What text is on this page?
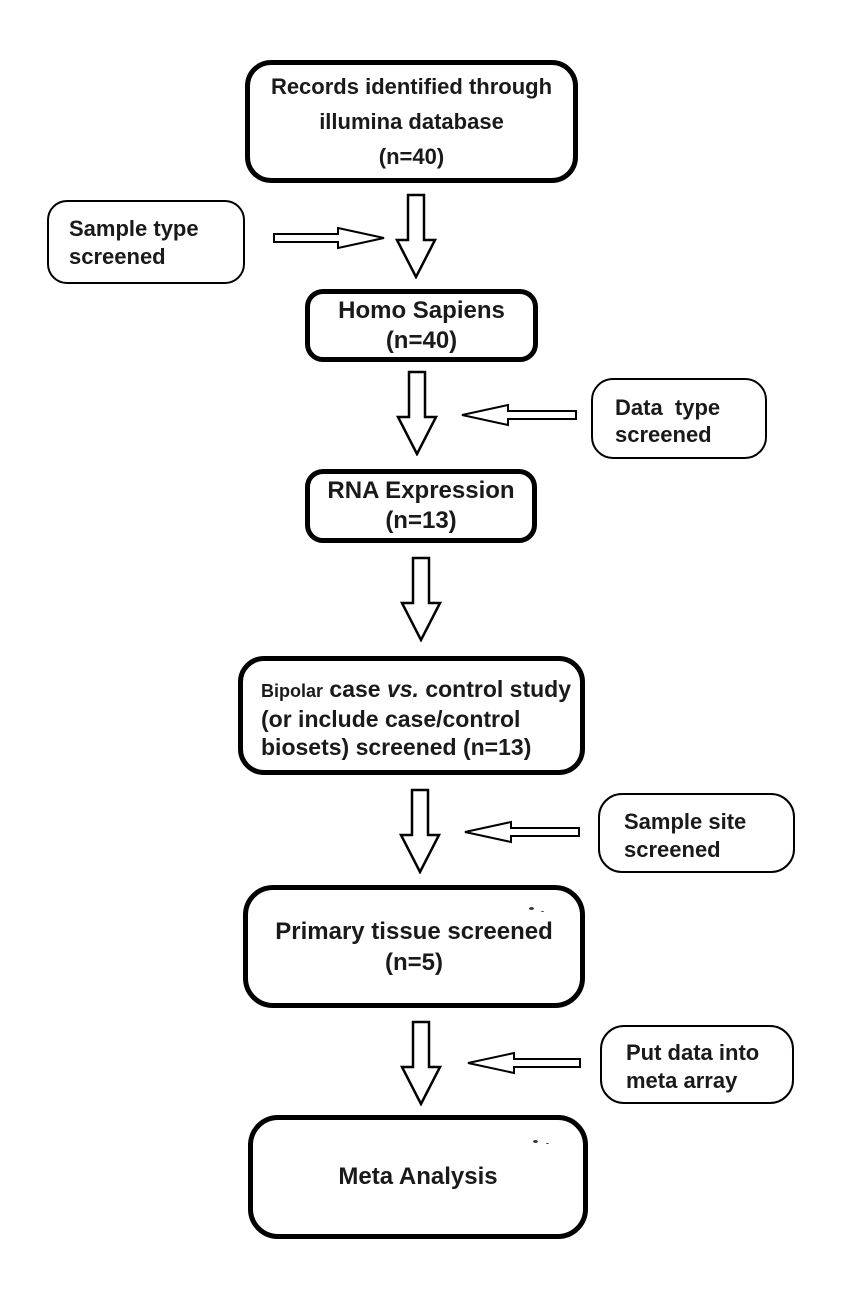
Records identified through
illumina database
(n=40)
Sample type
screened
Homo Sapiens
(n=40)
Data  type
screened
RNA Expression
(n=13)
Bipolar case vs. control study
(or include case/control
biosets) screened (n=13)
Sample site
screened
Primary tissue screened
(n=5)
Put data into
meta array
Meta Analysis
